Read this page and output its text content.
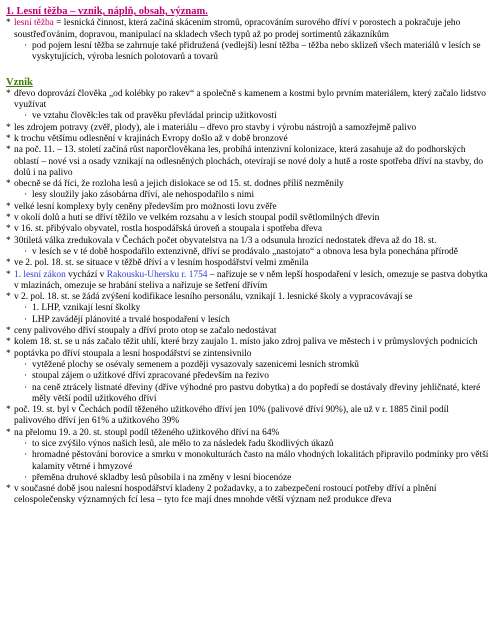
1. Lesní těžba – vznik, náplň, obsah, význam.
* lesní těžba = lesnická činnost, která začíná skácením stromů, opracováním surového dříví v porostech a pokračuje jeho soustřeďováním, dopravou, manipulací na skladech všech typů až po prodej sortimentů zákazníkům
· pod pojem lesní těžba se zahrnuje také přidružená (vedlejší) lesní těžba – těžba nebo sklizeň všech materiálů v lesích se vyskytujících, výroba lesních polotovarů a tovarů
Vznik
* dřevo doprovází člověka „od kolébky po rakev“ a společně s kamenem a kostmi bylo prvním materiálem, který začalo lidstvo využívat
· ve vztahu člověk:les tak od pravěku převládal princip užitkovosti
* les zdrojem potravy (zvěř, plody), ale i materiálu – dřevo pro stavby i výrobu nástrojů a samozřejmě palivo
* k trochu většímu odlesnění v krajinách Evropy došlo až v době bronzové
* na poč. 11. – 13. století začíná růst naporčlověkana les, probíhá intenzivní kolonizace, která zasahuje až do podhorských oblastí – nové vsi a osady vznikají na odlesněných plochách, otevírají se nové doly a hutě a roste spotřeba dříví na stavby, do dolů i na palivo
* obecně se dá říci, že rozloha lesů a jejich dislokace se od 15. st. dodnes příliš nezměnily
· lesy sloužily jako zásobárna dříví, ale nehospodařilo s nimi
* velké lesní komplexy byly ceněny především pro možnosti lovu zvěře
* v okolí dolů a hutí se dříví těžilo ve velkém rozsahu a v lesích stoupal podíl světlomilných dřevin
* v 16. st. přibývalo obyvatel, rostla hospodářská úroveň a stoupala i spotřeba dřeva
* 30tiletá válka zredukovala v Čechách počet obyvatelstva na 1/3 a odsunula hrozící nedostatek dřeva až do 18. st.
· v lesích se v té době hospodařilo extenzivně, dříví se prodávalo „nastojato“ a obnova lesa byla ponechána přírodě
* ve 2. pol. 18. st. se situace v těžbě dříví a v lesním hospodářství velmi změnila
* 1. lesní zákon vychází v Rakousku-Uhersku r. 1754 – nařizuje se v něm lepší hospodaření v lesích, omezuje se pastva dobytka v mlazinách, omezuje se hrabání steliva a nařizuje se šetření dřívím
* v 2. pol. 18. st. se žádá zvýšení kodifikace lesního personálu, vznikají 1. lesnické školy a vypracovávají se
· 1. LHP, vznikají lesní školky
· LHP zavádějí plánovité a trvalé hospodaření v lesích
* ceny palivového dříví stoupaly a dříví proto otop se začalo nedostávat
* kolem 18. st. se u nás začalo těžit uhlí, které brzy zaujalo 1. místo jako zdroj paliva ve městech i v průmyslových podnicích
* poptávka po dříví stoupala a lesní hospodářství se zintensivnilo
· vytěžené plochy se osévaly semenem a později vysazovaly sazenicemi lesních stromků
· stoupal zájem o užitkové dříví zpracované především na řezivo
· na ceně ztrácely listnaté dřeviny (dříve výhodné pro pastvu dobytka) a do popředí se dostávaly dřeviny jehličnaté, které měly větší podíl užitkového dříví
* poč. 19. st. byl v Čechách podíl těženého užitkového dříví jen 10% (palivové dříví 90%), ale už v r. 1885 činil podíl palivového dříví jen 61% a užitkového 39%
* na přelomu 19. a 20. st. stoupl podíl těženého užitkového dříví na 64%
· to sice zvýšilo výnos našich lesů, ale mělo to za následek řadu škodlivých úkazů
· hromadné pěstování borovice a smrku v monokulturách často na málo vhodných lokalitách připravilo podmínky pro větší kalamity větrné i hmyzové
· přeměna druhové skladby lesů působila i na změny v lesní biocenóze
* v současné době jsou nalesní hospodářství kladeny 2 požadavky, a to zabezpečení rostoucí potřeby dříví a plnění celospolečensky významných fcí lesa – tyto fce mají dnes mnohde větší význam než produkce dřeva
